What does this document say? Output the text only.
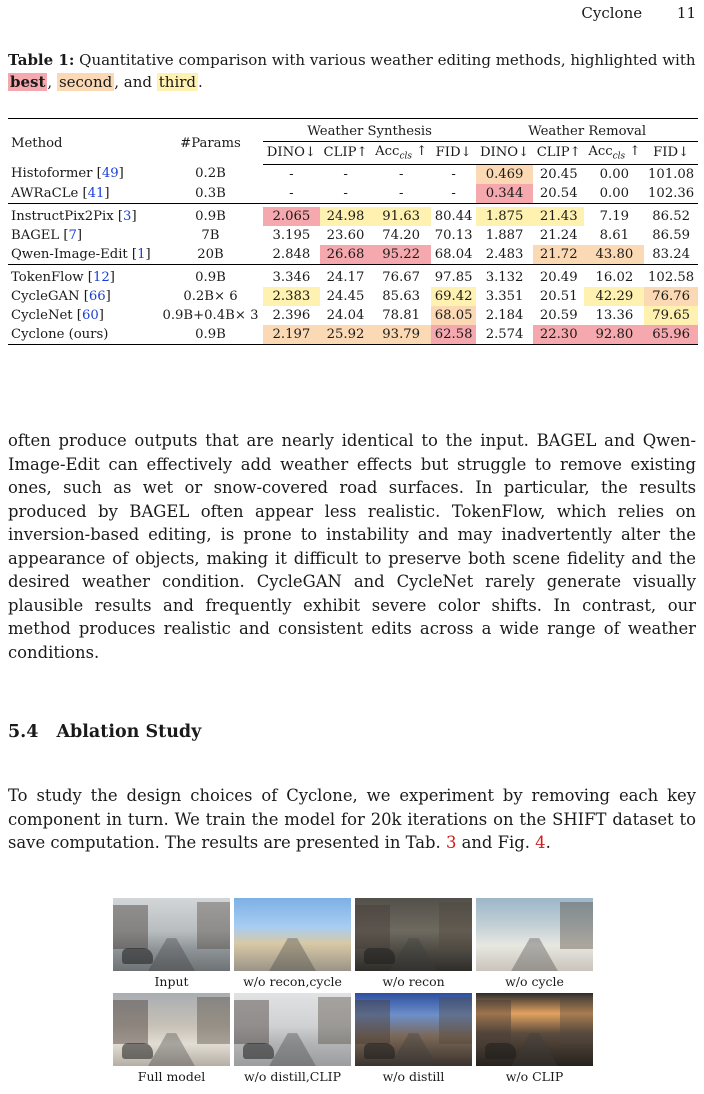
Cyclone 11
Table 1: Quantitative comparison with various weather editing methods, highlighted with best , second , and third .

Method	#Params	Weather Synthesis				Weather Removal			
		DINO↓	CLIP↑	Acc$_{cls}$ ↑	FID↓	DINO↓	CLIP↑	Acc$_{cls}$ ↑	FID↓
Histoformer [49]	0.2B	-	-	-	-	0.469	20.45	0.00	101.08
AWRaCLe [41]	0.3B	-	-	-	-	0.344	20.54	0.00	102.36

InstructPix2Pix [3]	0.9B	2.065	24.98	91.63	80.44	1.875	21.43	7.19	86.52
BAGEL [7]	7B	3.195	23.60	74.20	70.13	1.887	21.24	8.61	86.59
Qwen-Image-Edit [1]	20B	2.848	26.68	95.22	68.04	2.483	21.72	43.80	83.24

TokenFlow [12]	0.9B	3.346	24.17	76.67	97.85	3.132	20.49	16.02	102.58
CycleGAN [66]	0.2B× 6	2.383	24.45	85.63	69.42	3.351	20.51	42.29	76.76
CycleNet [60]	0.9B+0.4B× 3	2.396	24.04	78.81	68.05	2.184	20.59	13.36	79.65
Cyclone (ours)	0.9B	2.197	25.92	93.79	62.58	2.574	22.30	92.80	65.96

often produce outputs that are nearly identical to the input. BAGEL and Qwen-Image-Edit can effectively add weather effects but struggle to remove existing ones, such as wet or snow-covered road surfaces. In particular, the results produced by BAGEL often appear less realistic. TokenFlow, which relies on inversion-based editing, is prone to instability and may inadvertently alter the appearance of objects, making it difficult to preserve both scene fidelity and the desired weather condition. CycleGAN and CycleNet rarely generate visually plausible results and frequently exhibit severe color shifts. In contrast, our method produces realistic and consistent edits across a wide range of weather conditions.
5.4 Ablation Study
To study the design choices of Cyclone, we experiment by removing each key component in turn. We train the model for 20k iterations on the SHIFT dataset to save computation. The results are presented in Tab. 3 and Fig. 4.
Input	w/o recon,cycle	w/o recon	w/o cycle
Full model	w/o distill,CLIP	w/o distill	w/o CLIP
